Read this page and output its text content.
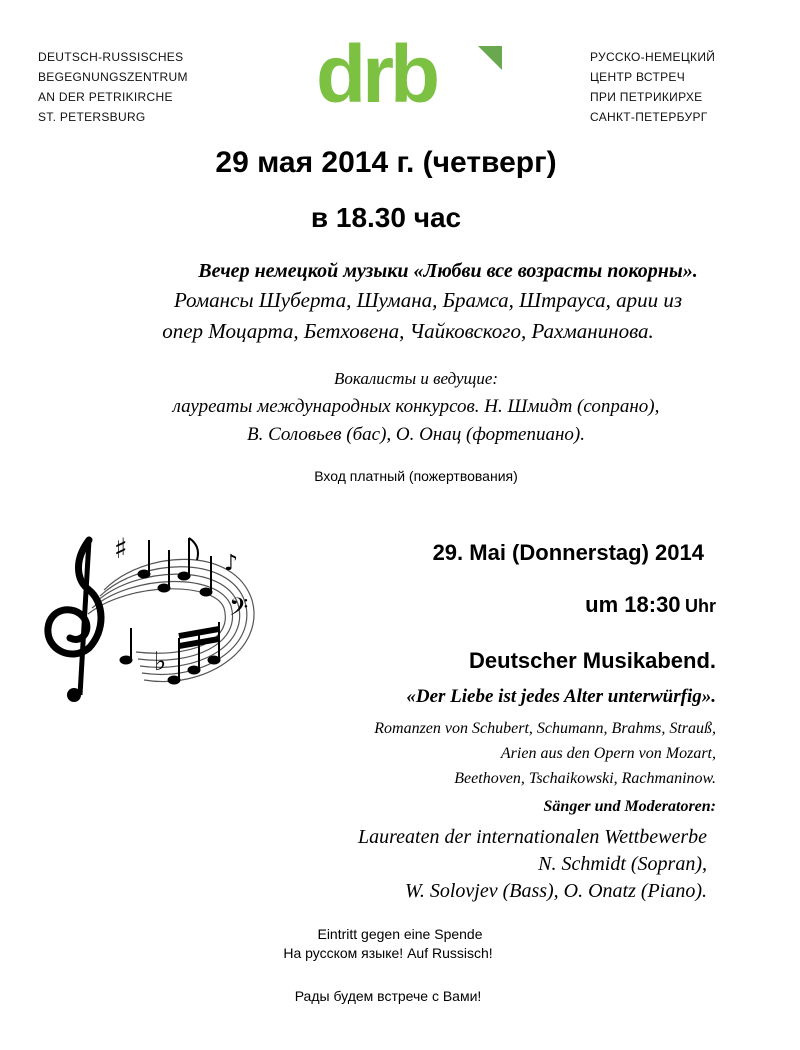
DEUTSCH-RUSSISCHES
BEGEGNUNGSZENTRUM
AN DER PETRIKIRCHE
ST. PETERSBURG	drb	РУССКО-НЕМЕЦКИЙ
ЦЕНТР ВСТРЕЧ
ПРИ ПЕТРИКИРХЕ
САНКТ-ПЕТЕРБУРГ
29 мая 2014 г. (четверг)
в 18.30 час
Вечер немецкой музыки «Любви все возрасты покорны».
Романсы Шуберта, Шумана, Брамса, Штрауса, арии из
опер Моцарта, Бетховена, Чайковского, Рахманинова.
Вокалисты и ведущие:
лауреаты международных конкурсов. Н. Шмидт (сопрано),
В. Соловьев (бас), О. Онац (фортепиано).
Вход платный (пожертвования)
♯
♭
𝄢
♪	29. Mai (Donnerstag) 2014
um 18:30 Uhr
Deutscher Musikabend.
«Der Liebe ist jedes Alter unterwürfig».
Romanzen von Schubert, Schumann, Brahms, Strauß,
Arien aus den Opern von Mozart,
Beethoven, Tschaikowski, Rachmaninow.
Sänger und Moderatoren:
Laureaten der internationalen Wettbewerbe
N. Schmidt (Sopran),
W. Solovjev (Bass), O. Onatz (Piano).
Eintritt gegen eine Spende
На русском языке! Auf Russisch!
Рады будем встрече с Вами!
